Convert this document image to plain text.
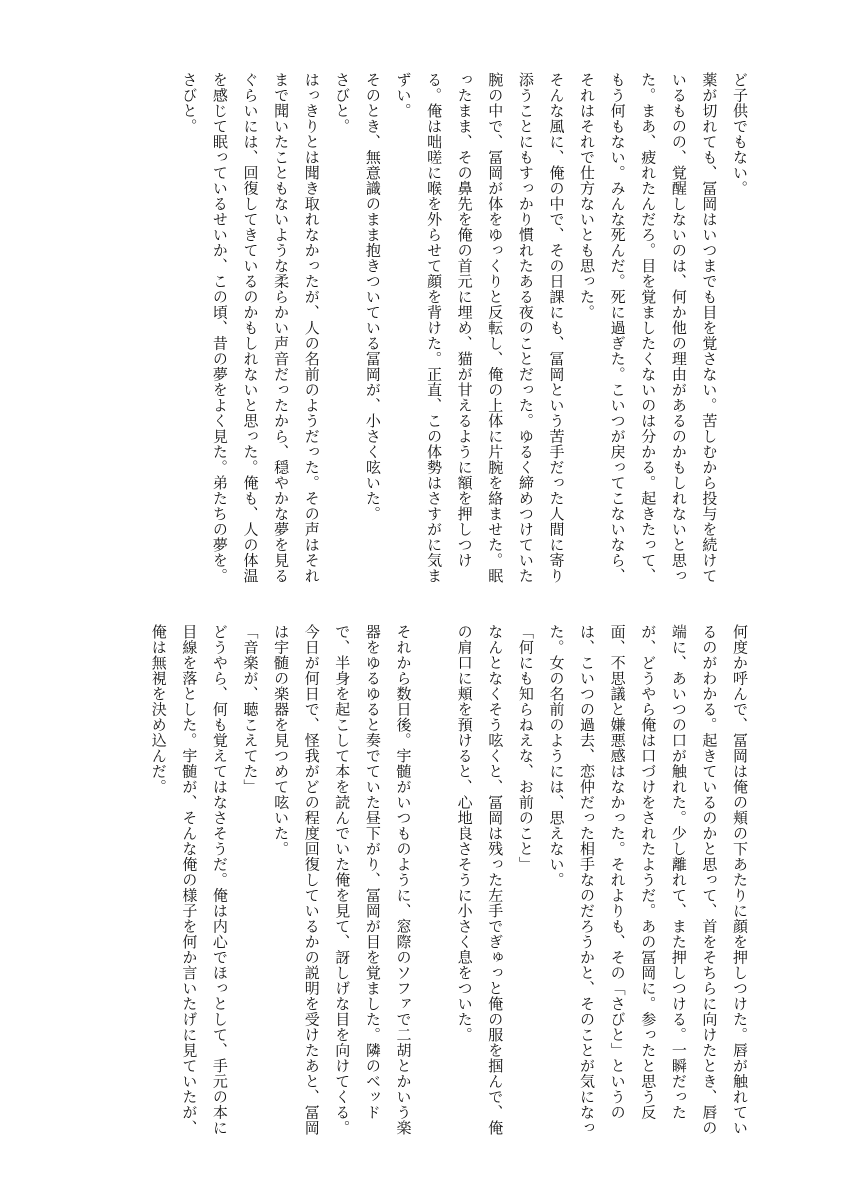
ど子供でもない。

薬が切れても、冨岡はいつまでも目を覚さない。苦しむから投与を続けているものの、覚醒しないのは、何か他の理由があるのかもしれないと思った。まあ、疲れたんだろ。目を覚ましたくないのは分かる。起きたって、もう何もない。みんな死んだ。死に過ぎた。こいつが戻ってこないなら、それはそれで仕方ないとも思った。

そんな風に、俺の中で、その日課にも、冨岡という苦手だった人間に寄り添うことにもすっかり慣れたある夜のことだった。ゆるく締めつけていた腕の中で、冨岡が体をゆっくりと反転し、俺の上体に片腕を絡ませた。眠ったまま、その鼻先を俺の首元に埋め、猫が甘えるように額を押しつける。俺は咄嗟に喉を外らせて顔を背けた。正直、この体勢はさすがに気まずい。

そのとき、無意識のまま抱きついている冨岡が、小さく呟いた。

さびと。

はっきりとは聞き取れなかったが、人の名前のようだった。その声はそれまで聞いたこともないような柔らかい声音だったから、穏やかな夢を見るぐらいには、回復してきているのかもしれないと思った。俺も、人の体温を感じて眠っているせいか、この頃、昔の夢をよく見た。弟たちの夢を。

さびと。

何度か呼んで、冨岡は俺の頬の下あたりに顔を押しつけた。唇が触れているのがわかる。起きているのかと思って、首をそちらに向けたとき、唇の端に、あいつの口が触れた。少し離れて、また押しつける。一瞬だったが、どうやら俺は口づけをされたようだ。あの冨岡に。参ったと思う反面、不思議と嫌悪感はなかった。それよりも、その「さびと」というのは、こいつの過去、恋仲だった相手なのだろうかと、そのことが気になった。女の名前のようには、思えない。

「何にも知らねえな、お前のこと」

なんとなくそう呟くと、冨岡は残った左手でぎゅっと俺の服を掴んで、俺の肩口に頬を預けると、心地良さそうに小さく息をついた。

それから数日後。宇髄がいつものように、窓際のソファで二胡とかいう楽器をゆるゆると奏でていた昼下がり、冨岡が目を覚ました。隣のベッドで、半身を起こして本を読んでいた俺を見て、訝しげな目を向けてくる。今日が何日で、怪我がどの程度回復しているかの説明を受けたあと、冨岡は宇髄の楽器を見つめて呟いた。

「音楽が、聴こえてた」

どうやら、何も覚えてはなさそうだ。俺は内心でほっとして、手元の本に目線を落とした。宇髄が、そんな俺の様子を何か言いたげに見ていたが、俺は無視を決め込んだ。
